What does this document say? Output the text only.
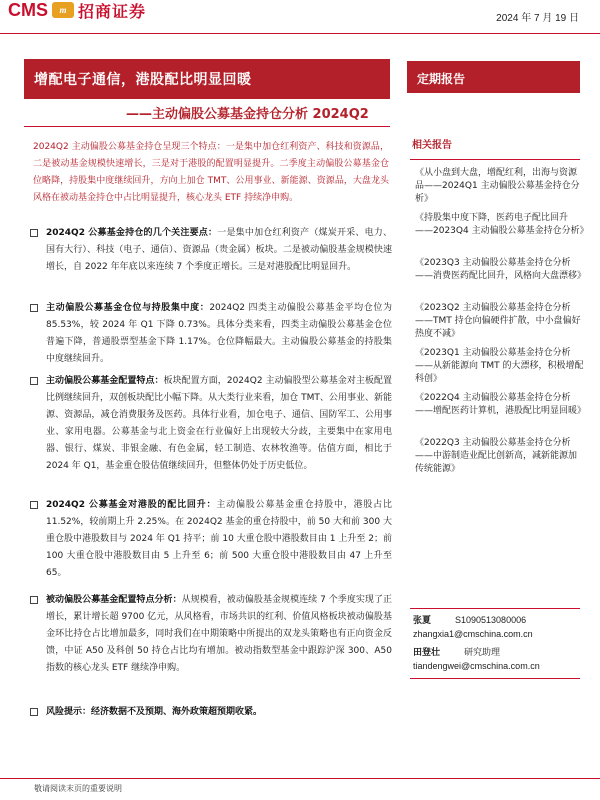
CMS	m 招商证券	2024 年 7 月 19 日
增配电子通信，港股配比明显回暖
——主动偏股公募基金持仓分析 2024Q2
定期报告
2024Q2 主动偏股公募基金持仓呈现三个特点：一是集中加仓红利资产、科技和资源品，二是被动基金规模快速增长，三是对于港股的配置明显提升。二季度主动偏股公募基金仓位略降，持股集中度继续回升，方向上加仓 TMT、公用事业、新能源、资源品，大盘龙头风格在被动基金持仓中占比明显提升，核心龙头 ETF 持续净申购。
2024Q2 公募基金持仓的几个关注要点：一是集中加仓红利资产（煤炭开采、电力、国有大行）、科技（电子、通信）、资源品（贵金属）板块。二是被动偏股基金规模快速增长，自 2022 年年底以来连续 7 个季度正增长。三是对港股配比明显回升。
主动偏股公募基金仓位与持股集中度：2024Q2 四类主动偏股公募基金平均仓位为 85.53%，较 2024 年 Q1 下降 0.73%。具体分类来看，四类主动偏股公募基金仓位普遍下降，普通股票型基金下降 1.17%。仓位降幅最大。主动偏股公募基金的持股集中度继续回升。
主动偏股公募基金配置特点：板块配置方面，2024Q2 主动偏股型公募基金对主板配置比例继续回升，双创板块配比小幅下降。从大类行业来看，加仓 TMT、公用事业、新能源、资源品，减仓消费服务及医药。具体行业看，加仓电子、通信、国防军工、公用事业、家用电器。公募基金与北上资金在行业偏好上出现较大分歧，主要集中在家用电器、银行、煤炭、非银金融、有色金属，轻工制造、农林牧渔等。估值方面，相比于 2024 年 Q1，基金重仓股估值继续回升，但整体仍处于历史低位。
2024Q2 公募基金对港股的配比回升：主动偏股公募基金重仓持股中，港股占比 11.52%，较前期上升 2.25%。在 2024Q2 基金的重仓持股中，前 50 大和前 300 大重仓股中港股数目与 2024 年 Q1 持平；前 10 大重仓股中港股数目由 1 上升至 2；前 100 大重仓股中港股数目由 5 上升至 6；前 500 大重仓股中港股数目由 47 上升至 65。
被动偏股公募基金配置特点分析：从规模看，被动偏股基金规模连续 7 个季度实现了正增长，累计增长超 9700 亿元，从风格看，市场共识的红利、价值风格板块被动偏股基金环比持仓占比增加最多，同时我们在中期策略中所提出的双龙头策略也有正向资金反馈，中证 A50 及科创 50 持仓占比均有增加。被动指数型基金中跟踪沪深 300、A50 指数的核心龙头 ETF 继续净申购。
风险提示：经济数据不及预期、海外政策超预期收紧。
相关报告
《从小盘到大盘，增配红利，出海与资源品——2024Q1 主动偏股公募基金持仓分析》
《持股集中度下降，医药电子配比回升——2023Q4 主动偏股公募基金持仓分析》
《2023Q3 主动偏股公募基金持仓分析——消费医药配比回升，风格向大盘漂移》
《2023Q2 主动偏股公募基金持仓分析——TMT 持仓向偏硬件扩散，中小盘偏好热度不减》
《2023Q1 主动偏股公募基金持仓分析——从新能源向 TMT 的大漂移，积极增配科创》
《2022Q4 主动偏股公募基金持仓分析——增配医药计算机，港股配比明显回暖》
《2022Q3 主动偏股公募基金持仓分析——中游制造业配比创新高，减新能源加传统能源》
张夏	S1090513080006
zhangxia1@cmschina.com.cn
田登壮	研究助理
tiandengwei@cmschina.com.cn
敬请阅读末页的重要说明
